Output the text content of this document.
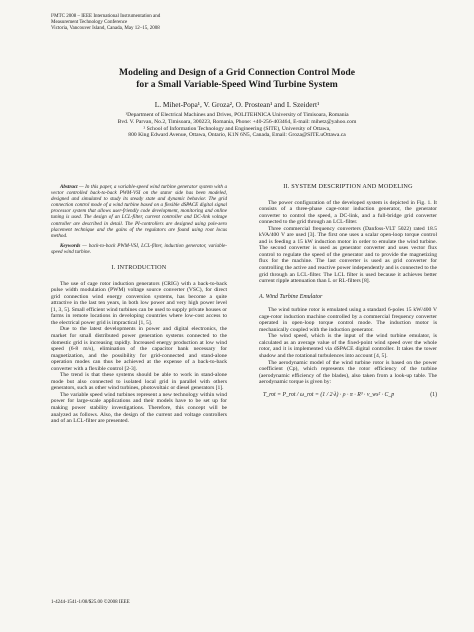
I²MTC 2008 – IEEE International Instrumentation and
Measurement Technology Conference
Victoria, Vancouver Island, Canada, May 12–15, 2008
Modeling and Design of a Grid Connection Control Mode
for a Small Variable-Speed Wind Turbine System
L. Mihet-Popa¹, V. Groza², O. Prostean¹ and I. Szeidert¹
¹Department of Electrical Machines and Drives, POLITEHNICA University of Timisoara, Romania
Bvd. V. Parvan, No.2, Timisoara, 300223, Romania, Phone: +40-256-403464, E-mail: mihetz@yahoo.com
² School of Information Technology and Engineering (SITE), University of Ottawa,
800 King Edward Avenue, Ottawa, Ontario, K1N 6N5, Canada, Email: Groza@SITE.uOttawa.ca

Abstract — In this paper, a variable-speed wind turbine generator system with a vector controlled back-to-back PWM-VSI on the stator side has been modeled, designed and simulated to study its steady state and dynamic behavior. The grid connection control mode of a wind turbine based on a flexible dSPACE digital signal processor system that allows user-friendly code development, monitoring and online tuning is used. The design of an LCL-filter, current controller and DC-link voltage controller are described in detail. The PI-controllers are designed using pole-zero placement technique and the gains of the regulators are found using root locus method.

Keywords — back-to-back PWM-VSI, LCL-filter, induction generator, variable-speed wind turbine.

I. INTRODUCTION

The use of cage rotor induction generators (CRIG) with a back-to-back pulse width modulation (PWM) voltage source converter (VSC), for direct grid connection wind energy conversion systems, has become a quite attractive in the last ten years, in both low power and very high power level [1, 3, 5]. Small efficient wind turbines can be used to supply private houses or farms in remote locations in developing countries where low-cost access to the electrical power grid is impractical [1, 5].

Due to the latest developments in power and digital electronics, the market for small distributed power generation systems connected to the domestic grid is increasing rapidly. Increased energy production at low wind speed (6-8 m/s), elimination of the capacitor bank necessary for magnetization, and the possibility for grid-connected and stand-alone operation modes can thus be achieved at the expense of a back-to-back converter with a flexible control [2-3].

The trend is that these systems should be able to work in stand-alone mode but also connected to isolated local grid in parallel with others generators, such as other wind turbines, photovoltaic or diesel generators [1].

The variable speed wind turbines represent a new technology within wind power for large-scale applications and their models have to be set up for making power stability investigations. Therefore, this concept will be analyzed as follows. Also, the design of the current and voltage controllers and of an LCL-filter are presented.

II. SYSTEM DESCRIPTION AND MODELING

The power configuration of the developed system is depicted in Fig. 1. It consists of a three-phase cage-rotor induction generator, the generator converter to control the speed, a DC-link, and a full-bridge grid converter connected to the grid through an LCL-filter.

Three commercial frequency converters (Danfoss-VLT 5022) rated 18.5 kVA/400 V are used [3]. The first one uses a scalar open-loop torque control and is feeding a 15 kW induction motor in order to emulate the wind turbine. The second converter is used as generator converter and uses vector flux control to regulate the speed of the generator and to provide the magnetizing flux for the machine. The last converter is used as grid converter for controlling the active and reactive power independently and is connected to the grid through an LCL-filter. The LCL filter is used because it achieves better current ripple attenuation than L or RL-filters [8].

A. Wind Turbine Emulator

The wind turbine rotor is emulated using a standard 6-poles 15 kW/400 V cage-rotor induction machine controlled by a commercial frequency converter operated in open-loop torque control mode. The induction motor is mechanically coupled with the induction generator.

The wind speed, which is the input of the wind turbine emulator, is calculated as an average value of the fixed-point wind speed over the whole rotor, and it is implemented via dSPACE digital controller. It takes the tower shadow and the rotational turbulences into account [4, 5].

The aerodynamic model of the wind turbine rotor is based on the power coefficient (Cp), which represents the rotor efficiency of the turbine (aerodynamic efficiency of the blades), also taken from a look-up table. The aerodynamic torque is given by:

T_rot = P_rot / ω_rot = (1 / 2·λ) · ρ · π · R³ · v_ws² · C_p	(1)
1-4244-1541-1/08/$25.00 ©2008 IEEE
